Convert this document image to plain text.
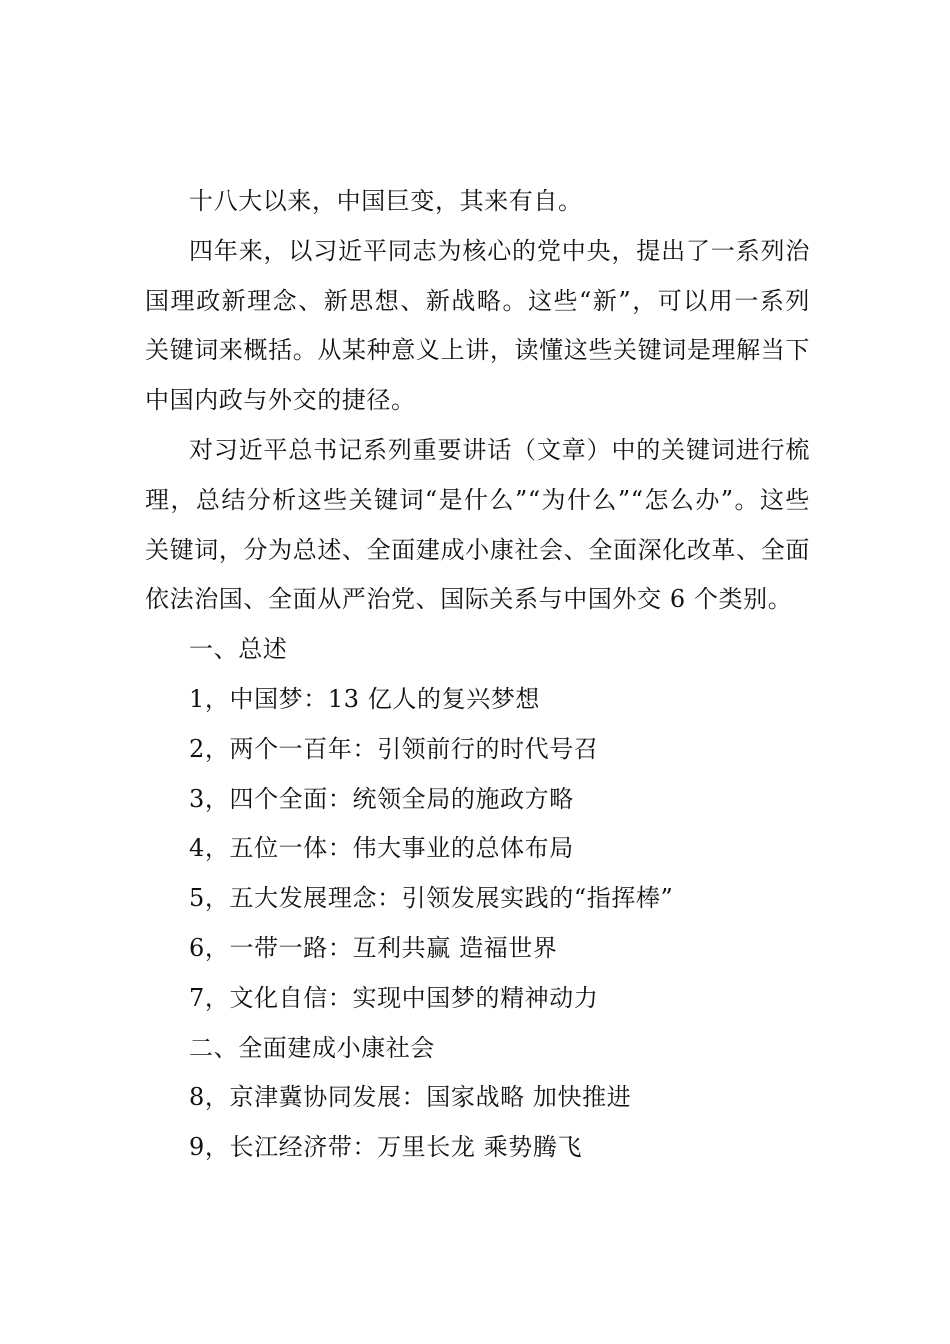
十八大以来，中国巨变，其来有自。

四年来，以习近平同志为核心的党中央，提出了一系列治国理政新理念、新思想、新战略。这些“新”，可以用一系列关键词来概括。从某种意义上讲，读懂这些关键词是理解当下中国内政与外交的捷径。

对习近平总书记系列重要讲话（文章）中的关键词进行梳理，总结分析这些关键词“是什么”“为什么”“怎么办”。这些关键词，分为总述、全面建成小康社会、全面深化改革、全面依法治国、全面从严治党、国际关系与中国外交 6 个类别。

一、总述

1，中国梦：13 亿人的复兴梦想

2，两个一百年：引领前行的时代号召

3，四个全面：统领全局的施政方略

4，五位一体：伟大事业的总体布局

5，五大发展理念：引领发展实践的“指挥棒”

6，一带一路：互利共赢 造福世界

7，文化自信：实现中国梦的精神动力

二、全面建成小康社会

8，京津冀协同发展：国家战略 加快推进

9，长江经济带：万里长龙 乘势腾飞
